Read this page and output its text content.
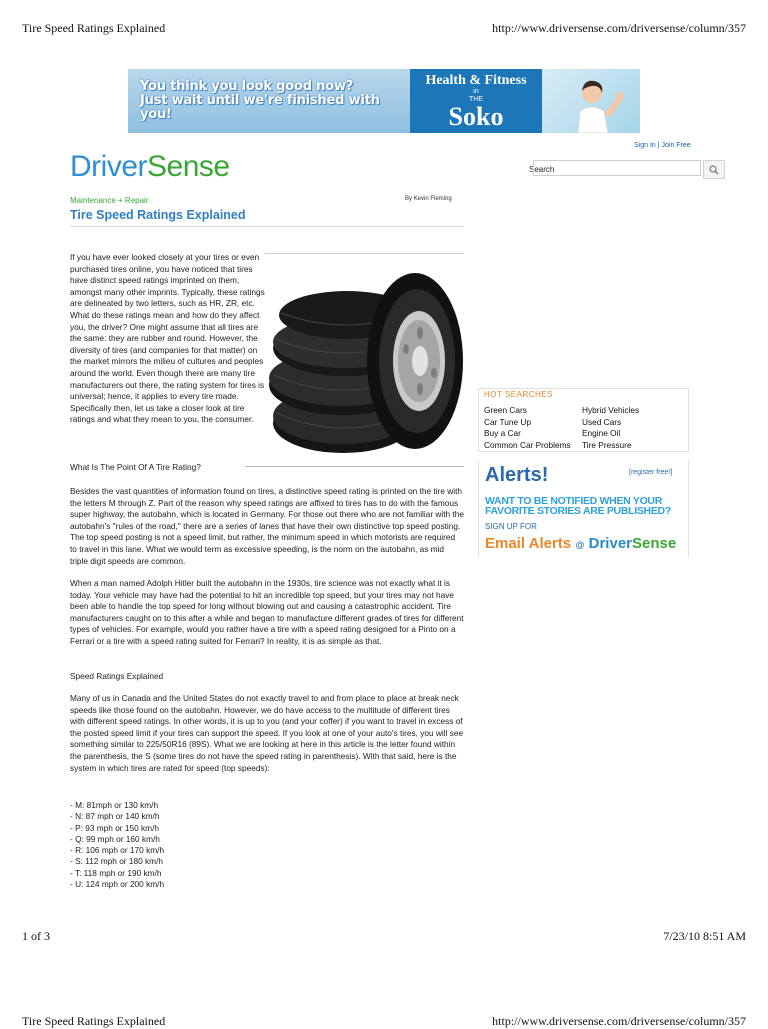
Tire Speed Ratings Explained	http://www.driversense.com/driversense/column/357
You think you look good now?
Just wait until we're finished with you!
Health & Fitness
in
THE
Soko
DriverSense
Sign In | Join Free
Search
Maintenance + Repair	By Kevin Fleming
Tire Speed Ratings Explained
If you have ever looked closely at your tires or even purchased tires online, you have noticed that tires have distinct speed ratings imprinted on them, amongst many other imprints. Typically, these ratings are delineated by two letters, such as HR, ZR, etc. What do these ratings mean and how do they affect you, the driver? One might assume that all tires are the same: they are rubber and round. However, the diversity of tires (and companies for that matter) on the market mirrors the milieu of cultures and peoples around the world. Even though there are many tire manufacturers out there, the rating system for tires is universal; hence, it applies to every tire made. Specifically then, let us take a closer look at tire ratings and what they mean to you, the consumer.
What Is The Point Of A Tire Rating?
Besides the vast quantities of information found on tires, a distinctive speed rating is printed on the tire with the letters M through Z. Part of the reason why speed ratings are affixed to tires has to do with the famous super highway, the autobahn, which is located in Germany. For those out there who are not familiar with the autobahn's "rules of the road," there are a series of lanes that have their own distinctive top speed posting. The top speed posting is not a speed limit, but rather, the minimum speed in which motorists are required to travel in this lane. What we would term as excessive speeding, is the norm on the autobahn, as mid triple digit speeds are common.
When a man named Adolph Hitler built the autobahn in the 1930s, tire science was not exactly what it is today. Your vehicle may have had the potential to hit an incredible top speed, but your tires may not have been able to handle the top speed for long without blowing out and causing a catastrophic accident. Tire manufacturers caught on to this after a while and began to manufacture different grades of tires for different types of vehicles. For example, would you rather have a tire with a speed rating designed for a Pinto on a Ferrari or a tire with a speed rating suited for Ferrari? In reality, it is as simple as that.
Speed Ratings Explained
Many of us in Canada and the United States do not exactly travel to and from place to place at break neck speeds like those found on the autobahn. However, we do have access to the multitude of different tires with different speed ratings. In other words, it is up to you (and your coffer) if you want to travel in excess of the posted speed limit if your tires can support the speed. If you look at one of your auto's tires, you will see something similar to 225/50R16 (89S). What we are looking at here in this article is the letter found within the parenthesis, the S (some tires do not have the speed rating in parenthesis). With that said, here is the system in which tires are rated for speed (top speeds):
- M: 81mph or 130 km/h
- N: 87 mph or 140 km/h
- P: 93 mph or 150 km/h
- Q: 99 mph or 160 km/h
- R: 106 mph or 170 km/h
- S: 112 mph or 180 km/h
- T: 118 mph or 190 km/h
- U: 124 mph or 200 km/h
HOT SEARCHES
Green Cars	Hybrid Vehicles
Car Tune Up	Used Cars
Buy a Car	Engine Oil
Common Car Problems	Tire Pressure
Alerts!	[register free!]
WANT TO BE NOTIFIED WHEN YOUR
FAVORITE STORIES ARE PUBLISHED?
SIGN UP FOR
Email Alerts @ DriverSense
1 of 3	7/23/10 8:51 AM
Tire Speed Ratings Explained	http://www.driversense.com/driversense/column/357
